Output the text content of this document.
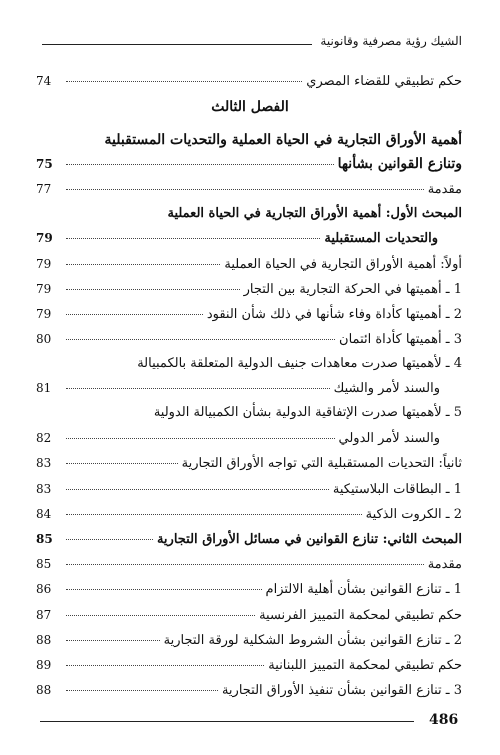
الشيك رؤية مصرفية وقانونية
حكم تطبيقي للقضاء المصري
74
الفصل الثالث
أهمية الأوراق التجارية في الحياة العملية والتحديات المستقبلية
وتنازع القوانين بشأنها
75
مقدمة
77
المبحث الأول: أهمية الأوراق التجارية في الحياة العملية
والتحديات المستقبلية
79
أولاً: أهمية الأوراق التجارية في الحياة العملية
79
1 ـ أهميتها في الحركة التجارية بين التجار
79
2 ـ أهميتها كأداة وفاء شأنها في ذلك شأن النقود
79
3 ـ أهميتها كأداة ائتمان
80
4 ـ لأهميتها صدرت معاهدات جنيف الدولية المتعلقة بالكمبيالة
والسند لأمر والشيك
81
5 ـ لأهميتها صدرت الإتفاقية الدولية بشأن الكمبيالة الدولية
والسند لأمر الدولي
82
ثانياً: التحديات المستقبلية التي تواجه الأوراق التجارية
83
1 ـ البطاقات البلاستيكية
83
2 ـ الكروت الذكية
84
المبحث الثاني: تنازع القوانين في مسائل الأوراق التجارية
85
مقدمة
85
1 ـ تنازع القوانين بشأن أهلية الالتزام
86
حكم تطبيقي لمحكمة التمييز الفرنسية
87
2 ـ تنازع القوانين بشأن الشروط الشكلية لورقة التجارية
88
حكم تطبيقي لمحكمة التمييز اللبنانية
89
3 ـ تنازع القوانين بشأن تنفيذ الأوراق التجارية
88
486
